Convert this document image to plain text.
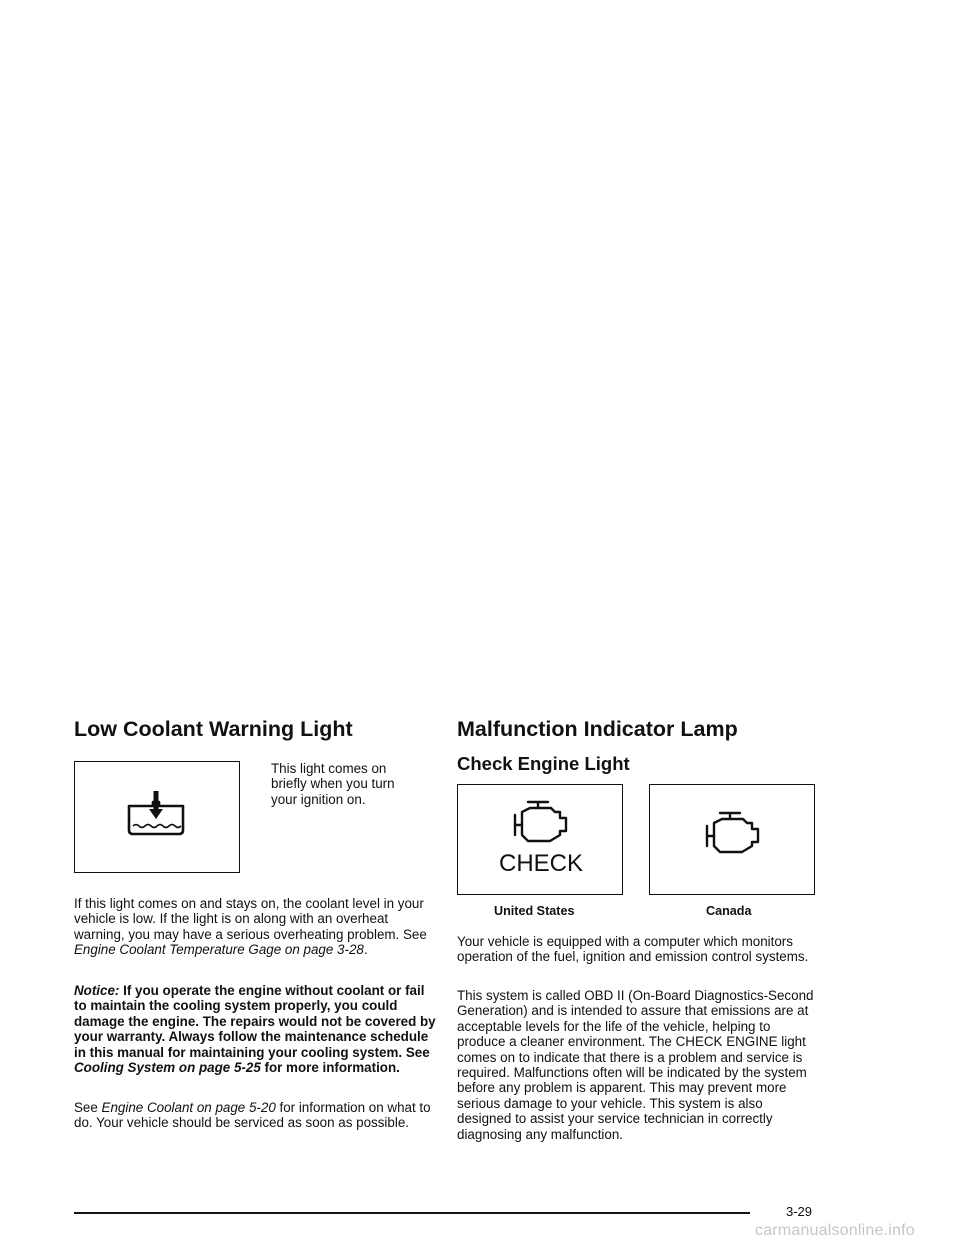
Low Coolant Warning Light

This light comes on briefly when you turn your ignition on.

If this light comes on and stays on, the coolant level in your vehicle is low. If the light is on along with an overheat warning, you may have a serious overheating problem. See Engine Coolant Temperature Gage on page 3-28.

Notice: If you operate the engine without coolant or fail to maintain the cooling system properly, you could damage the engine. The repairs would not be covered by your warranty. Always follow the maintenance schedule in this manual for maintaining your cooling system. See Cooling System on page 5-25 for more information.

See Engine Coolant on page 5-20 for information on what to do. Your vehicle should be serviced as soon as possible.

Malfunction Indicator Lamp
Check Engine Light
CHECK
United States	Canada

Your vehicle is equipped with a computer which monitors operation of the fuel, ignition and emission control systems.

This system is called OBD II (On-Board Diagnostics-Second Generation) and is intended to assure that emissions are at acceptable levels for the life of the vehicle, helping to produce a cleaner environment. The CHECK ENGINE light comes on to indicate that there is a problem and service is required. Malfunctions often will be indicated by the system before any problem is apparent. This may prevent more serious damage to your vehicle. This system is also designed to assist your service technician in correctly diagnosing any malfunction.

3-29
carmanualsonline.info
